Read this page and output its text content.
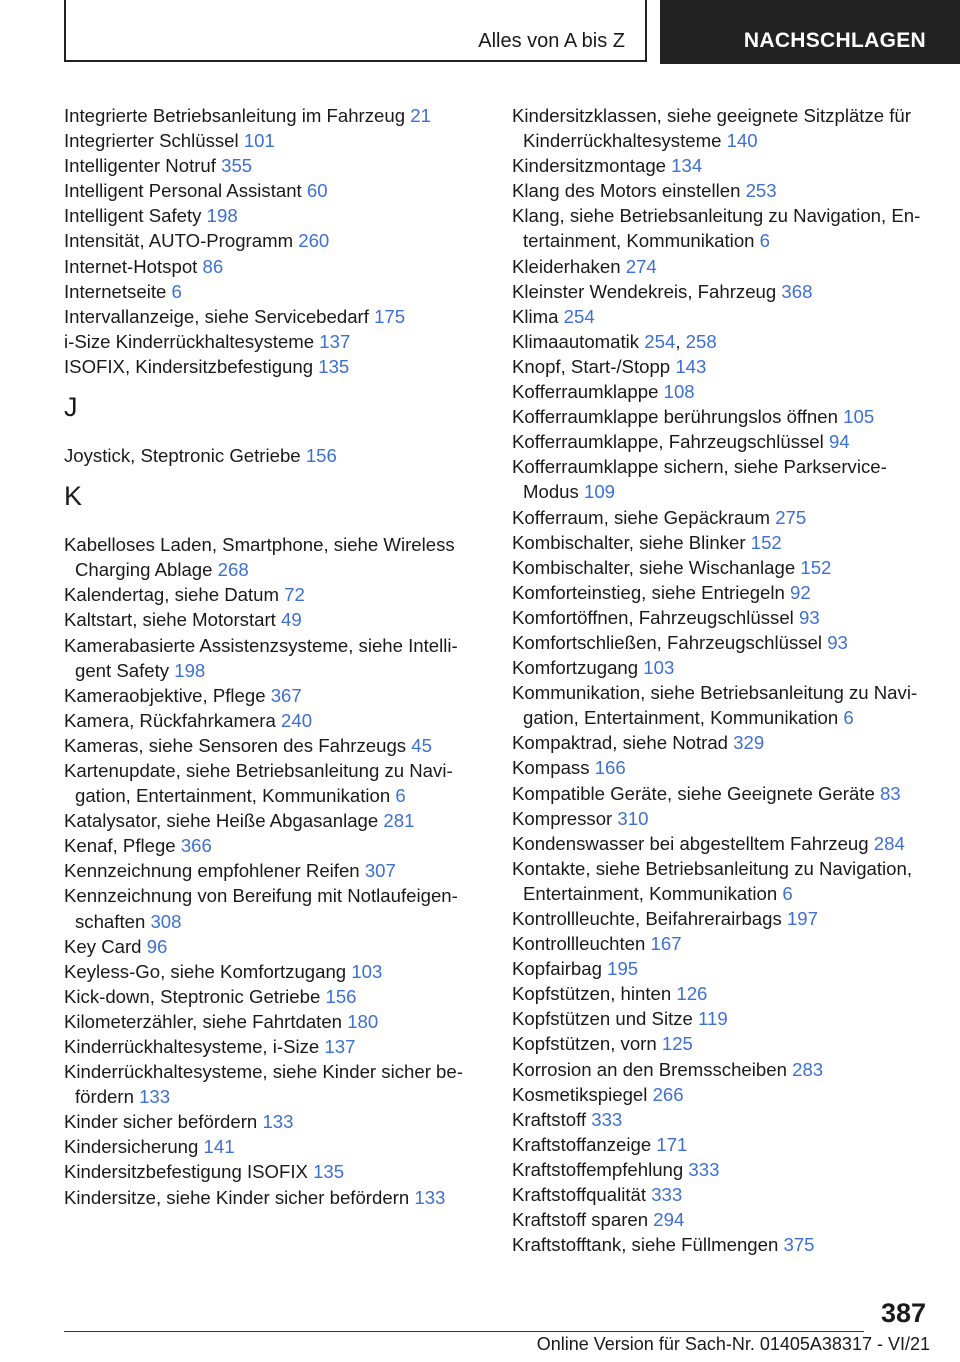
Alles von A bis Z	NACHSCHLAGEN
Integrierte Betriebsanleitung im Fahrzeug 21
Integrierter Schlüssel 101
Intelligenter Notruf 355
Intelligent Personal Assistant 60
Intelligent Safety 198
Intensität, AUTO-Programm 260
Internet-Hotspot 86
Internetseite 6
Intervallanzeige, siehe Servicebedarf 175
i-Size Kinderrückhaltesysteme 137
ISOFIX, Kindersitzbefestigung 135
J
Joystick, Steptronic Getriebe 156
K
Kabelloses Laden, Smartphone, siehe Wireless Charging Ablage 268
Kalendertag, siehe Datum 72
Kaltstart, siehe Motorstart 49
Kamerabasierte Assistenzsysteme, siehe Intelligent Safety 198
Kameraobjektive, Pflege 367
Kamera, Rückfahrkamera 240
Kameras, siehe Sensoren des Fahrzeugs 45
Kartenupdate, siehe Betriebsanleitung zu Navigation, Entertainment, Kommunikation 6
Katalysator, siehe Heiße Abgasanlage 281
Kenaf, Pflege 366
Kennzeichnung empfohlener Reifen 307
Kennzeichnung von Bereifung mit Notlaufeigenschaften 308
Key Card 96
Keyless-Go, siehe Komfortzugang 103
Kick-down, Steptronic Getriebe 156
Kilometerzähler, siehe Fahrtdaten 180
Kinderrückhaltesysteme, i-Size 137
Kinderrückhaltesysteme, siehe Kinder sicher befördern 133
Kinder sicher befördern 133
Kindersicherung 141
Kindersitzbefestigung ISOFIX 135
Kindersitze, siehe Kinder sicher befördern 133
Kindersitzklassen, siehe geeignete Sitzplätze für Kinderrückhaltesysteme 140
Kindersitzmontage 134
Klang des Motors einstellen 253
Klang, siehe Betriebsanleitung zu Navigation, Entertainment, Kommunikation 6
Kleiderhaken 274
Kleinster Wendekreis, Fahrzeug 368
Klima 254
Klimaautomatik 254, 258
Knopf, Start-/Stopp 143
Kofferraumklappe 108
Kofferraumklappe berührungslos öffnen 105
Kofferraumklappe, Fahrzeugschlüssel 94
Kofferraumklappe sichern, siehe Parkservice-Modus 109
Kofferraum, siehe Gepäckraum 275
Kombischalter, siehe Blinker 152
Kombischalter, siehe Wischanlage 152
Komforteinstieg, siehe Entriegeln 92
Komfortöffnen, Fahrzeugschlüssel 93
Komfortschließen, Fahrzeugschlüssel 93
Komfortzugang 103
Kommunikation, siehe Betriebsanleitung zu Navigation, Entertainment, Kommunikation 6
Kompaktrad, siehe Notrad 329
Kompass 166
Kompatible Geräte, siehe Geeignete Geräte 83
Kompressor 310
Kondenswasser bei abgestelltem Fahrzeug 284
Kontakte, siehe Betriebsanleitung zu Navigation, Entertainment, Kommunikation 6
Kontrollleuchte, Beifahrerairbags 197
Kontrollleuchten 167
Kopfairbag 195
Kopfstützen, hinten 126
Kopfstützen und Sitze 119
Kopfstützen, vorn 125
Korrosion an den Bremsscheiben 283
Kosmetikspiegel 266
Kraftstoff 333
Kraftstoffanzeige 171
Kraftstoffempfehlung 333
Kraftstoffqualität 333
Kraftstoff sparen 294
Kraftstofftank, siehe Füllmengen 375
387
Online Version für Sach-Nr. 01405A38317 - VI/21
